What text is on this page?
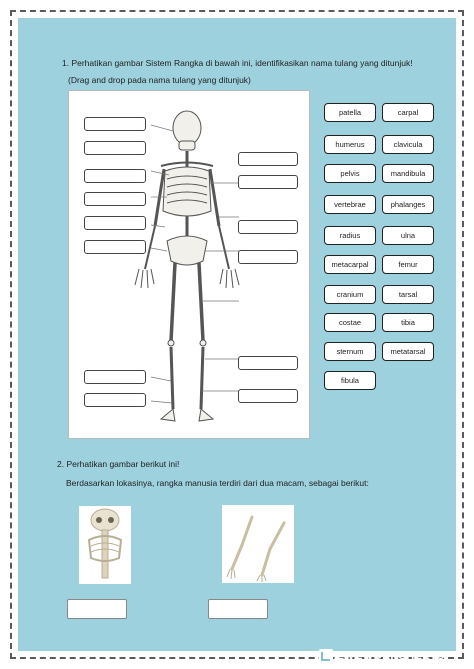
1. Perhatikan gambar Sistem Rangka di bawah ini, identifikasikan nama tulang yang ditunjuk!
(Drag and drop pada nama tulang yang ditunjuk)
patella	carpal
humerus	clavicula
pelvis	mandibula
vertebrae	phalanges
radius	ulna
metacarpal	femur
cranium	tarsal
costae	tibia
sternum	metatarsal
fibula
2. Perhatikan gambar berikut ini!
Berdasarkan lokasinya, rangka manusia terdiri dari dua macam, sebagai berikut:
LIVEWORKSHEETS
